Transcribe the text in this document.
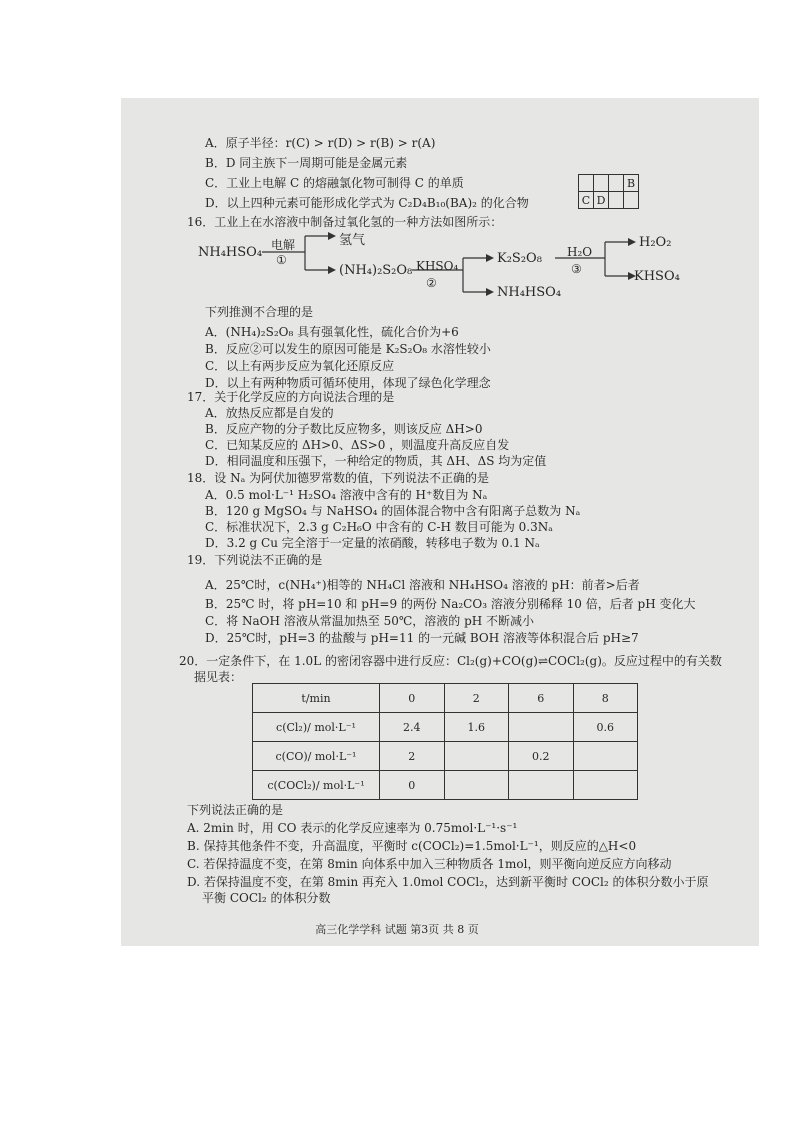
A．原子半径：r(C) > r(D) > r(B) > r(A)
B．D 同主族下一周期可能是金属元素
C．工业上电解 C 的熔融氯化物可制得 C 的单质
D．以上四种元素可能形成化学式为 C₂D₄B₁₀(BA)₂ 的化合物
			B
C	D		
16．工业上在水溶液中制备过氧化氢的一种方法如图所示：
NH₄HSO₄ 电解
①
氢气
(NH₄)₂S₂O₈ KHSO₄
②
K₂S₂O₈
NH₄HSO₄
H₂O
③
H₂O₂
KHSO₄
下列推测不合理的是
A．(NH₄)₂S₂O₈ 具有强氧化性，硫化合价为+6
B．反应②可以发生的原因可能是 K₂S₂O₈ 水溶性较小
C．以上有两步反应为氧化还原反应
D．以上有两种物质可循环使用，体现了绿色化学理念
17．关于化学反应的方向说法合理的是
A．放热反应都是自发的
B．反应产物的分子数比反应物多，则该反应 ΔH>0
C．已知某反应的 ΔH>0、ΔS>0 ，则温度升高反应自发
D．相同温度和压强下，一种给定的物质，其 ΔH、ΔS 均为定值
18．设 Nₐ 为阿伏加德罗常数的值，下列说法不正确的是
A．0.5 mol·L⁻¹ H₂SO₄ 溶液中含有的 H⁺数目为 Nₐ
B．120 g MgSO₄ 与 NaHSO₄ 的固体混合物中含有阳离子总数为 Nₐ
C．标准状况下，2.3 g C₂H₆O 中含有的 C-H 数目可能为 0.3Nₐ
D．3.2 g Cu 完全溶于一定量的浓硝酸，转移电子数为 0.1 Nₐ
19．下列说法不正确的是
A．25℃时，c(NH₄⁺)相等的 NH₄Cl 溶液和 NH₄HSO₄ 溶液的 pH：前者>后者
B．25℃ 时，将 pH=10 和 pH=9 的两份 Na₂CO₃ 溶液分别稀释 10 倍，后者 pH 变化大
C．将 NaOH 溶液从常温加热至 50℃，溶液的 pH 不断减小
D．25℃时，pH=3 的盐酸与 pH=11 的一元碱 BOH 溶液等体积混合后 pH≥7
20．一定条件下，在 1.0L 的密闭容器中进行反应：Cl₂(g)+CO(g)⇌COCl₂(g)。反应过程中的有关数
据见表：
t/min	0	2	6	8
c(Cl₂)/ mol·L⁻¹	2.4	1.6		0.6
c(CO)/ mol·L⁻¹	2		0.2	
c(COCl₂)/ mol·L⁻¹	0			
下列说法正确的是
A. 2min 时，用 CO 表示的化学反应速率为 0.75mol·L⁻¹·s⁻¹
B. 保持其他条件不变，升高温度，平衡时 c(COCl₂)=1.5mol·L⁻¹，则反应的△H<0
C. 若保持温度不变，在第 8min 向体系中加入三种物质各 1mol，则平衡向逆反应方向移动
D. 若保持温度不变，在第 8min 再充入 1.0mol COCl₂，达到新平衡时 COCl₂ 的体积分数小于原
平衡 COCl₂ 的体积分数
高三化学学科 试题 第3页 共 8 页
